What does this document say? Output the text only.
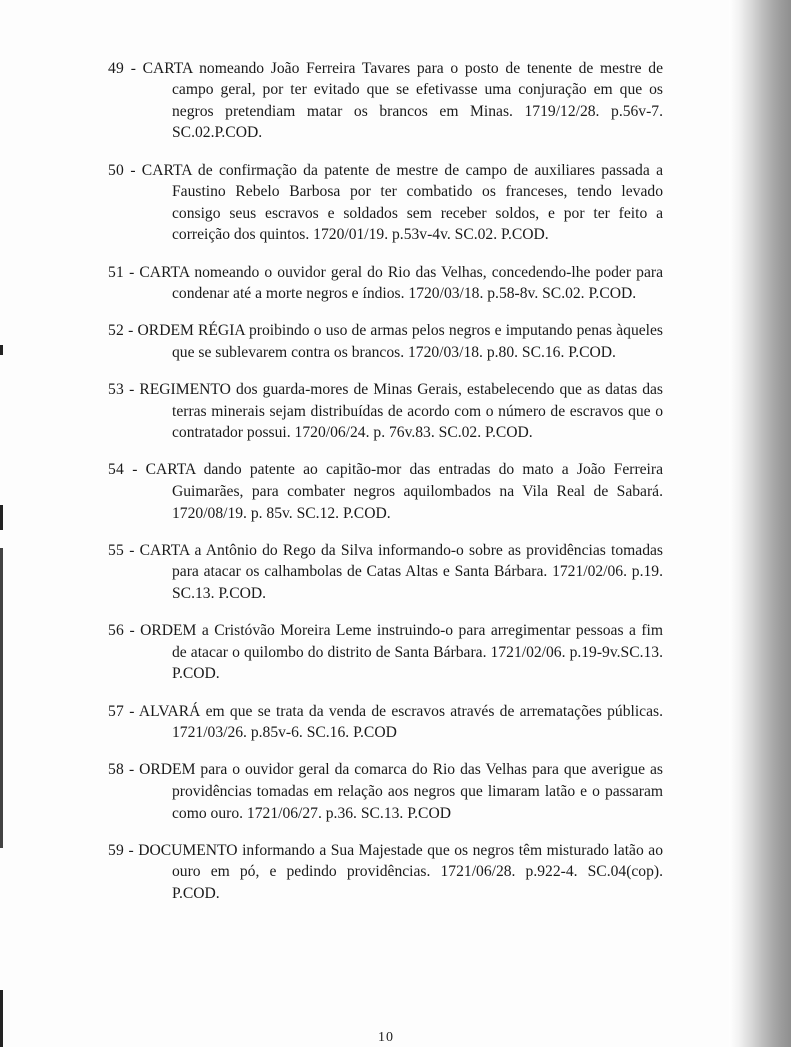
49 - CARTA nomeando João Ferreira Tavares para o posto de tenente de mestre de campo geral, por ter evitado que se efetivasse uma conjuração em que os negros pretendiam matar os brancos em Minas. 1719/12/28. p.56v-7. SC.02.P.COD.

50 - CARTA de confirmação da patente de mestre de campo de auxiliares passada a Faustino Rebelo Barbosa por ter combatido os franceses, tendo levado consigo seus escravos e soldados sem receber soldos, e por ter feito a correição dos quintos. 1720/01/19. p.53v-4v. SC.02. P.COD.

51 - CARTA nomeando o ouvidor geral do Rio das Velhas, concedendo-lhe poder para condenar até a morte negros e índios. 1720/03/18. p.58-8v. SC.02. P.COD.

52 - ORDEM RÉGIA proibindo o uso de armas pelos negros e imputando penas àqueles que se sublevarem contra os brancos. 1720/03/18. p.80. SC.16. P.COD.

53 - REGIMENTO dos guarda-mores de Minas Gerais, estabelecendo que as datas das terras minerais sejam distribuídas de acordo com o número de escravos que o contratador possui. 1720/06/24. p. 76v.83. SC.02. P.COD.

54 - CARTA dando patente ao capitão-mor das entradas do mato a João Ferreira Guimarães, para combater negros aquilombados na Vila Real de Sabará. 1720/08/19. p. 85v. SC.12. P.COD.

55 - CARTA a Antônio do Rego da Silva informando-o sobre as providências tomadas para atacar os calhambolas de Catas Altas e Santa Bárbara. 1721/02/06. p.19. SC.13. P.COD.

56 - ORDEM a Cristóvão Moreira Leme instruindo-o para arregimentar pessoas a fim de atacar o quilombo do distrito de Santa Bárbara. 1721/02/06. p.19-9v.SC.13. P.COD.

57 - ALVARÁ em que se trata da venda de escravos através de arrematações públicas. 1721/03/26. p.85v-6. SC.16. P.COD

58 - ORDEM para o ouvidor geral da comarca do Rio das Velhas para que averigue as providências tomadas em relação aos negros que limaram latão e o passaram como ouro. 1721/06/27. p.36. SC.13. P.COD

59 - DOCUMENTO informando a Sua Majestade que os negros têm misturado latão ao ouro em pó, e pedindo providências. 1721/06/28. p.922-4. SC.04(cop). P.COD.

10
